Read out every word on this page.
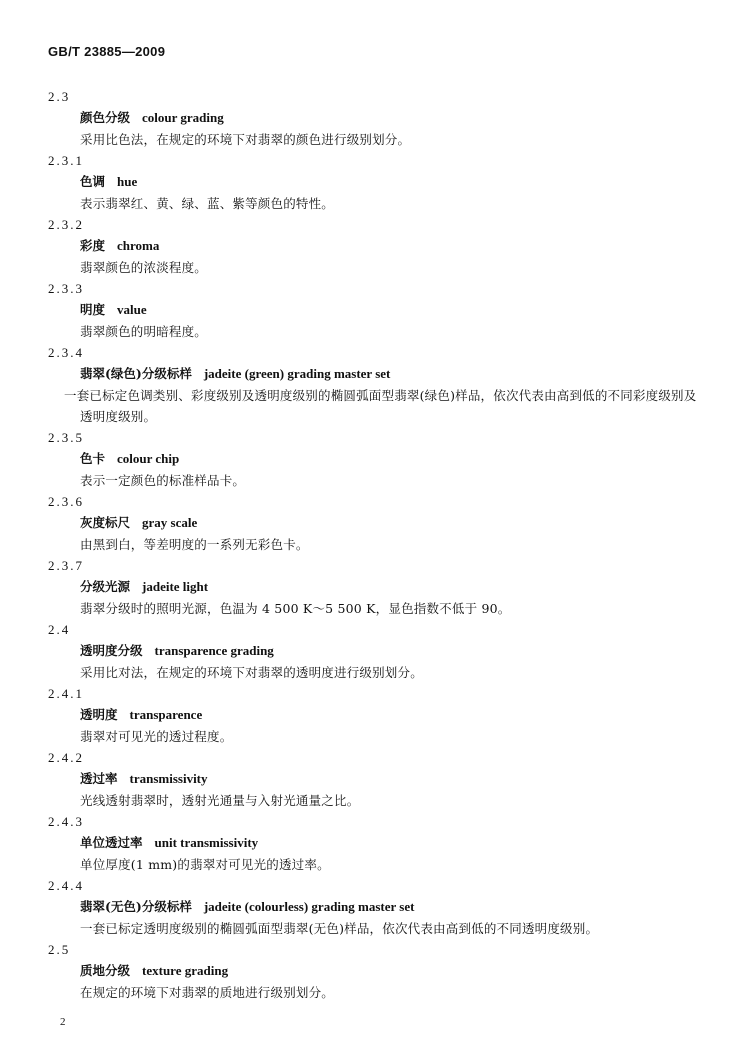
GB/T 23885—2009
2.3
颜色分级 colour grading
采用比色法，在规定的环境下对翡翠的颜色进行级别划分。
2.3.1
色调 hue
表示翡翠红、黄、绿、蓝、紫等颜色的特性。
2.3.2
彩度 chroma
翡翠颜色的浓淡程度。
2.3.3
明度 value
翡翠颜色的明暗程度。
2.3.4
翡翠(绿色)分级标样 jadeite (green) grading master set
一套已标定色调类别、彩度级别及透明度级别的椭圆弧面型翡翠(绿色)样品，依次代表由高到低的不同彩度级别及透明度级别。
2.3.5
色卡 colour chip
表示一定颜色的标准样品卡。
2.3.6
灰度标尺 gray scale
由黑到白，等差明度的一系列无彩色卡。
2.3.7
分级光源 jadeite light
翡翠分级时的照明光源，色温为 4 500 K～5 500 K，显色指数不低于 90。
2.4
透明度分级 transparence grading
采用比对法，在规定的环境下对翡翠的透明度进行级别划分。
2.4.1
透明度 transparence
翡翠对可见光的透过程度。
2.4.2
透过率 transmissivity
光线透射翡翠时，透射光通量与入射光通量之比。
2.4.3
单位透过率 unit transmissivity
单位厚度(1 mm)的翡翠对可见光的透过率。
2.4.4
翡翠(无色)分级标样 jadeite (colourless) grading master set
一套已标定透明度级别的椭圆弧面型翡翠(无色)样品，依次代表由高到低的不同透明度级别。
2.5
质地分级 texture grading
在规定的环境下对翡翠的质地进行级别划分。
2
